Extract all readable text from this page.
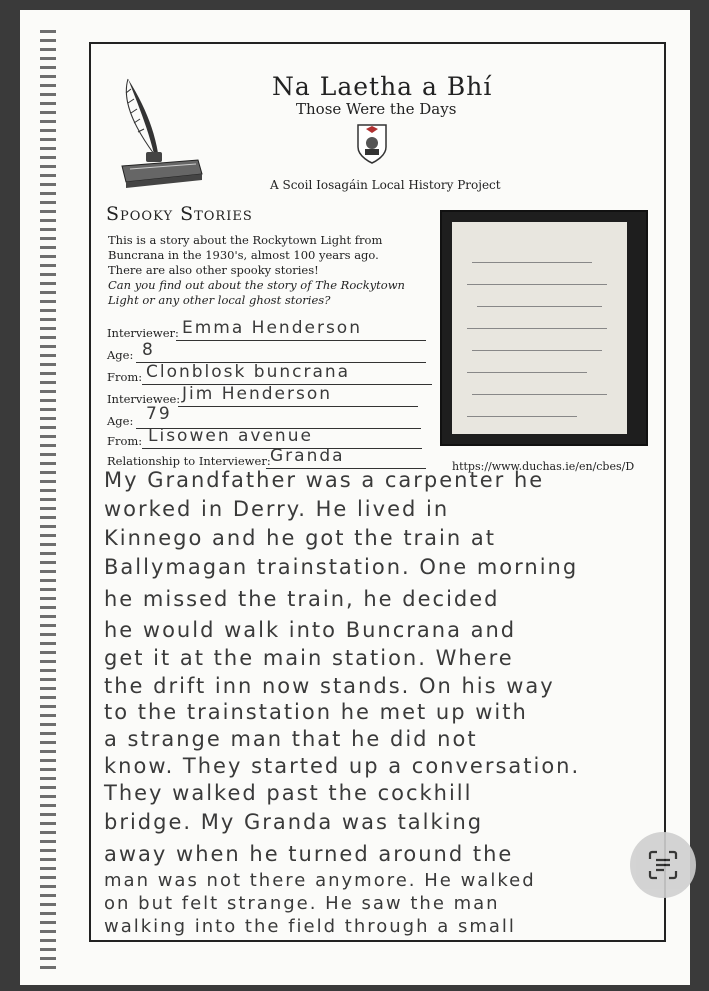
Na Laetha a Bhí
Those Were the Days
A Scoil Iosagáin Local History Project
Spooky Stories
This is a story about the Rockytown Light from
Buncrana in the 1930's, almost 100 years ago.
There are also other spooky stories!
Can you find out about the story of The Rockytown
Light or any other local ghost stories?
Interviewer: Emma Henderson
Age: 8
From: Clonblosk buncrana
Interviewee: Jim Henderson
Age: 79
From: Lisowen avenue
Relationship to Interviewer: Granda
https://www.duchas.ie/en/cbes/D
My Grandfather was a carpenter he
worked in Derry. He lived in
Kinnego and he got the train at
Ballymagan trainstation. One morning
he missed the train, he decided
he would walk into Buncrana and
get it at the main station. Where
the drift inn now stands. On his way
to the trainstation he met up with
a strange man that he did not
know. They started up a conversation.
They walked past the cockhill
bridge. My Granda was talking
away when he turned around the
man was not there anymore. He walked
on but felt strange. He saw the man
walking into the field through a small
